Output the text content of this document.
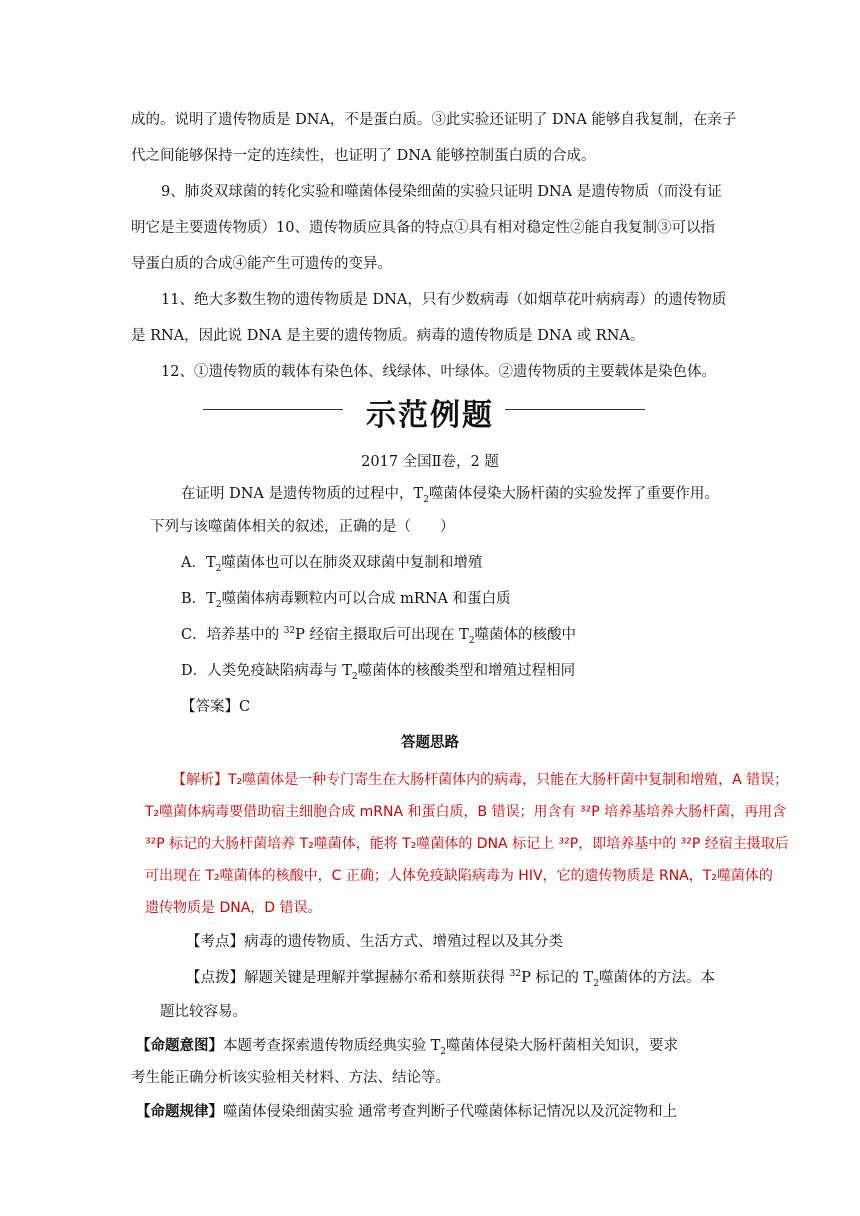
成的。说明了遗传物质是 DNA，不是蛋白质。③此实验还证明了 DNA 能够自我复制，在亲子
代之间能够保持一定的连续性，也证明了 DNA 能够控制蛋白质的合成。
9、肺炎双球菌的转化实验和噬菌体侵染细菌的实验只证明 DNA 是遗传物质（而没有证
明它是主要遗传物质）10、遗传物质应具备的特点①具有相对稳定性②能自我复制③可以指
导蛋白质的合成④能产生可遗传的变异。
11、绝大多数生物的遗传物质是 DNA，只有少数病毒（如烟草花叶病病毒）的遗传物质
是 RNA，因此说 DNA 是主要的遗传物质。病毒的遗传物质是 DNA 或 RNA。
12、①遗传物质的载体有染色体、线绿体、叶绿体。②遗传物质的主要载体是染色体。
示范例题
2017 全国Ⅱ卷，2 题
在证明 DNA 是遗传物质的过程中，$T_2$噬菌体侵染大肠杆菌的实验发挥了重要作用。
下列与该噬菌体相关的叙述，正确的是（　　）
A．$T_2$噬菌体也可以在肺炎双球菌中复制和增殖
B．$T_2$噬菌体病毒颗粒内可以合成 mRNA 和蛋白质
C．培养基中的 $^{32}$P 经宿主摄取后可出现在 $T_2$噬菌体的核酸中
D．人类免疫缺陷病毒与 $T_2$噬菌体的核酸类型和增殖过程相同
【答案】C
答题思路
【解析】T₂噬菌体是一种专门寄生在大肠杆菌体内的病毒，只能在大肠杆菌中复制和增殖，A 错误；
T₂噬菌体病毒要借助宿主细胞合成 mRNA 和蛋白质，B 错误；用含有 ³²P 培养基培养大肠杆菌，再用含
³²P 标记的大肠杆菌培养 T₂噬菌体，能将 T₂噬菌体的 DNA 标记上 ³²P，即培养基中的 ³²P 经宿主摄取后
可出现在 T₂噬菌体的核酸中，C 正确；人体免疫缺陷病毒为 HIV，它的遗传物质是 RNA，T₂噬菌体的
遗传物质是 DNA，D 错误。
【考点】病毒的遗传物质、生活方式、增殖过程以及其分类
【点拨】解题关键是理解并掌握赫尔希和蔡斯获得 $^{32}$P 标记的 $T_2$噬菌体的方法。本
题比较容易。
【命题意图】本题考查探索遗传物质经典实验 $T_2$噬菌体侵染大肠杆菌相关知识，要求
考生能正确分析该实验相关材料、方法、结论等。
【命题规律】噬菌体侵染细菌实验 通常考查判断子代噬菌体标记情况以及沉淀物和上
